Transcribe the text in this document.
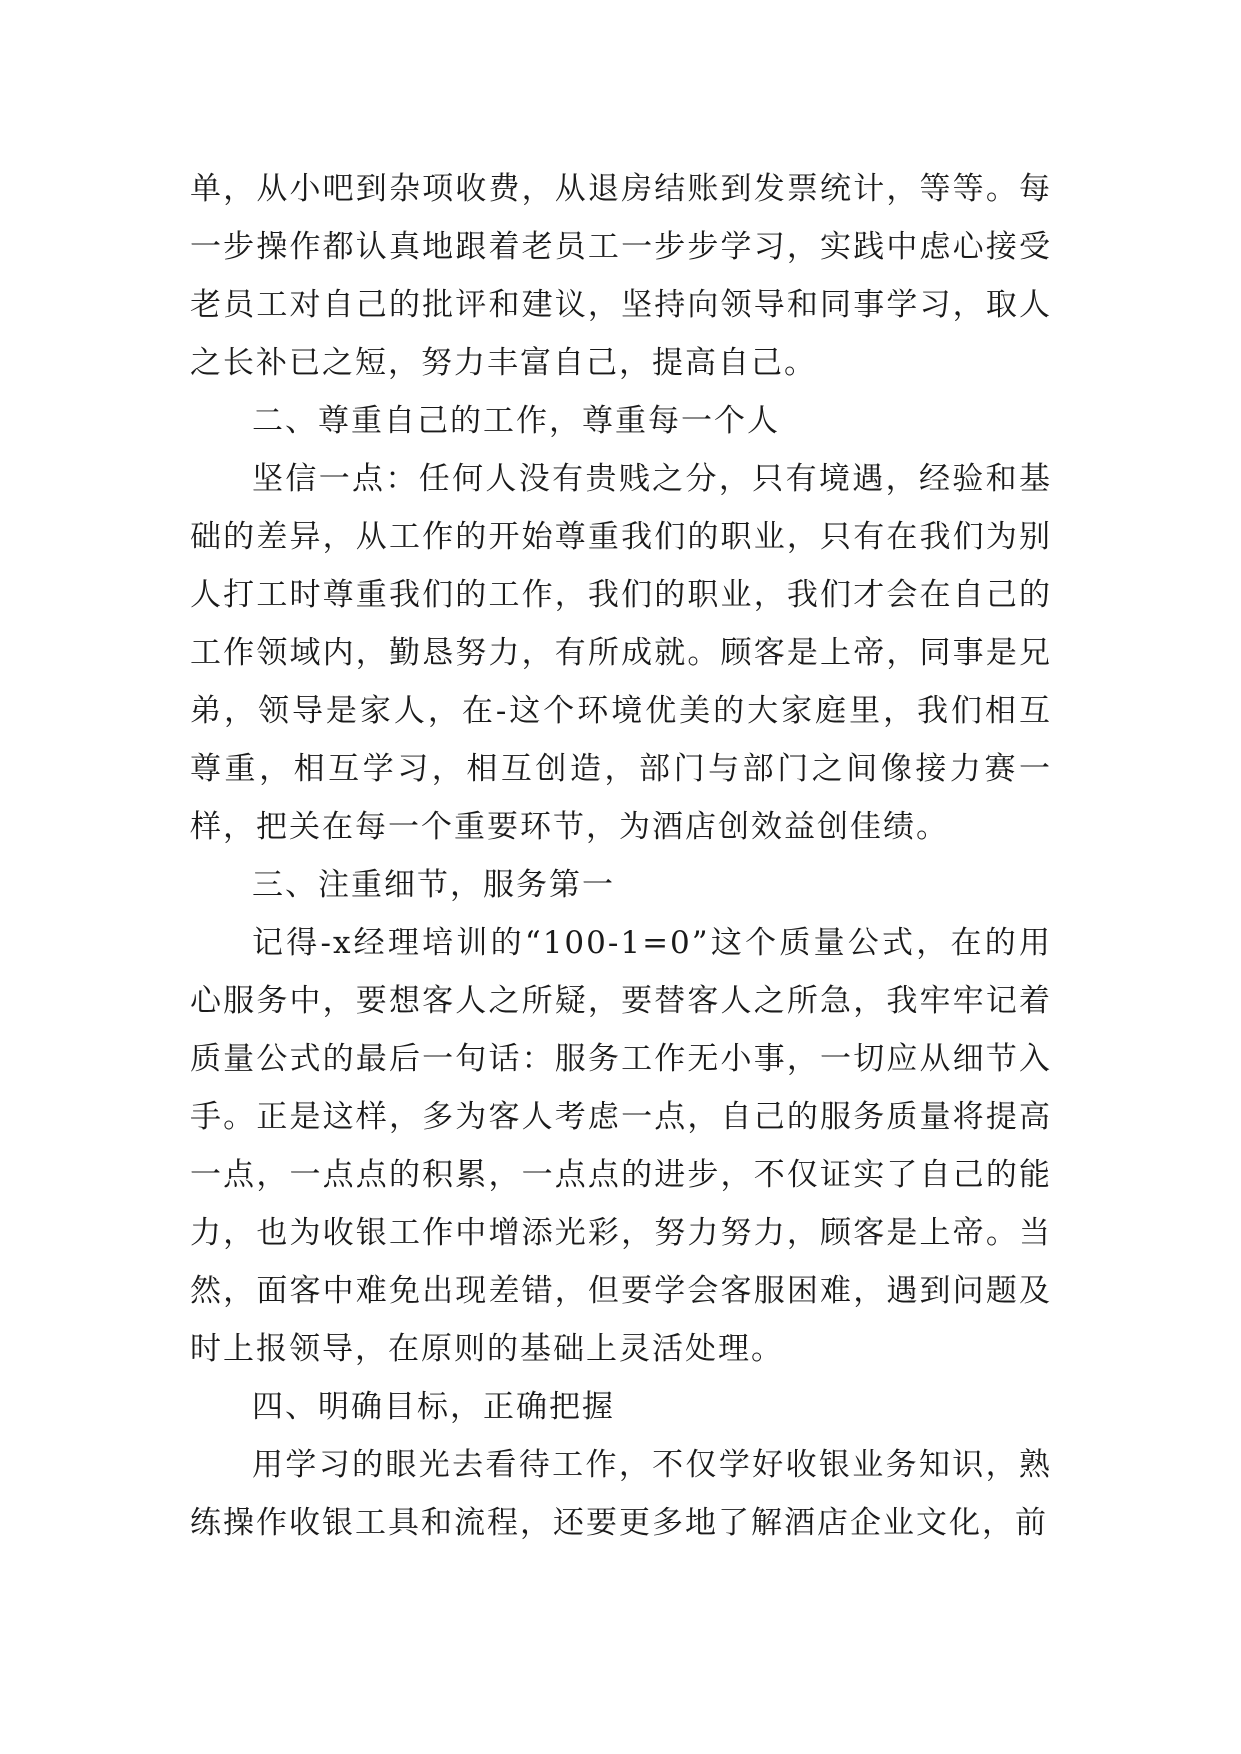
单，从小吧到杂项收费，从退房结账到发票统计，等等。每一步操作都认真地跟着老员工一步步学习，实践中虑心接受老员工对自己的批评和建议，坚持向领导和同事学习，取人之长补已之短，努力丰富自己，提高自己。

二、尊重自己的工作，尊重每一个人

坚信一点：任何人没有贵贱之分，只有境遇，经验和基础的差异，从工作的开始尊重我们的职业，只有在我们为别人打工时尊重我们的工作，我们的职业，我们才会在自己的工作领域内，勤恳努力，有所成就。顾客是上帝，同事是兄弟，领导是家人，在-这个环境优美的大家庭里，我们相互尊重，相互学习，相互创造，部门与部门之间像接力赛一样，把关在每一个重要环节，为酒店创效益创佳绩。

三、注重细节，服务第一

记得-x经理培训的“100-1=0”这个质量公式，在的用心服务中，要想客人之所疑，要替客人之所急，我牢牢记着质量公式的最后一句话：服务工作无小事，一切应从细节入手。正是这样，多为客人考虑一点，自己的服务质量将提高一点，一点点的积累，一点点的进步，不仅证实了自己的能力，也为收银工作中增添光彩，努力努力，顾客是上帝。当然，面客中难免出现差错，但要学会客服困难，遇到问题及时上报领导，在原则的基础上灵活处理。

四、明确目标，正确把握

用学习的眼光去看待工作，不仅学好收银业务知识，熟练操作收银工具和流程，还要更多地了解酒店企业文化，前
